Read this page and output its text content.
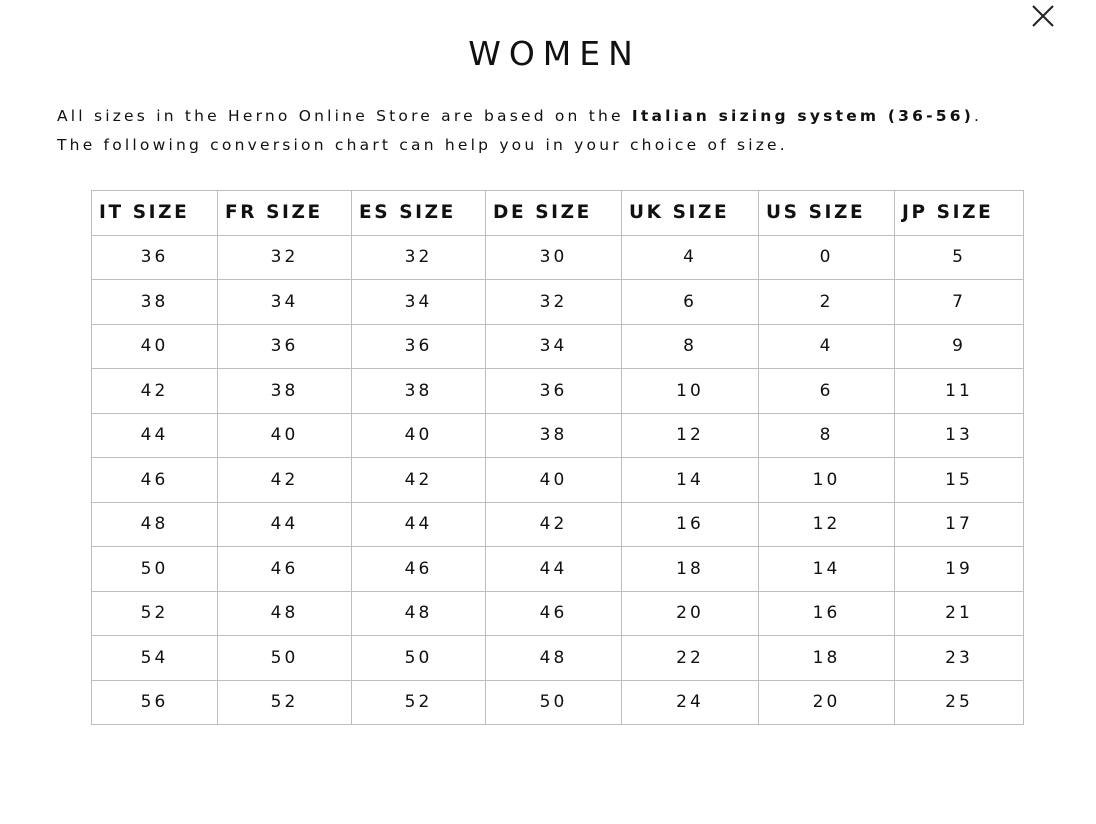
WOMEN
All sizes in the Herno Online Store are based on the Italian sizing system (36-56).
The following conversion chart can help you in your choice of size.
IT SIZE	FR SIZE	ES SIZE	DE SIZE	UK SIZE	US SIZE	JP SIZE
36	32	32	30	4	0	5
38	34	34	32	6	2	7
40	36	36	34	8	4	9
42	38	38	36	10	6	11
44	40	40	38	12	8	13
46	42	42	40	14	10	15
48	44	44	42	16	12	17
50	46	46	44	18	14	19
52	48	48	46	20	16	21
54	50	50	48	22	18	23
56	52	52	50	24	20	25
